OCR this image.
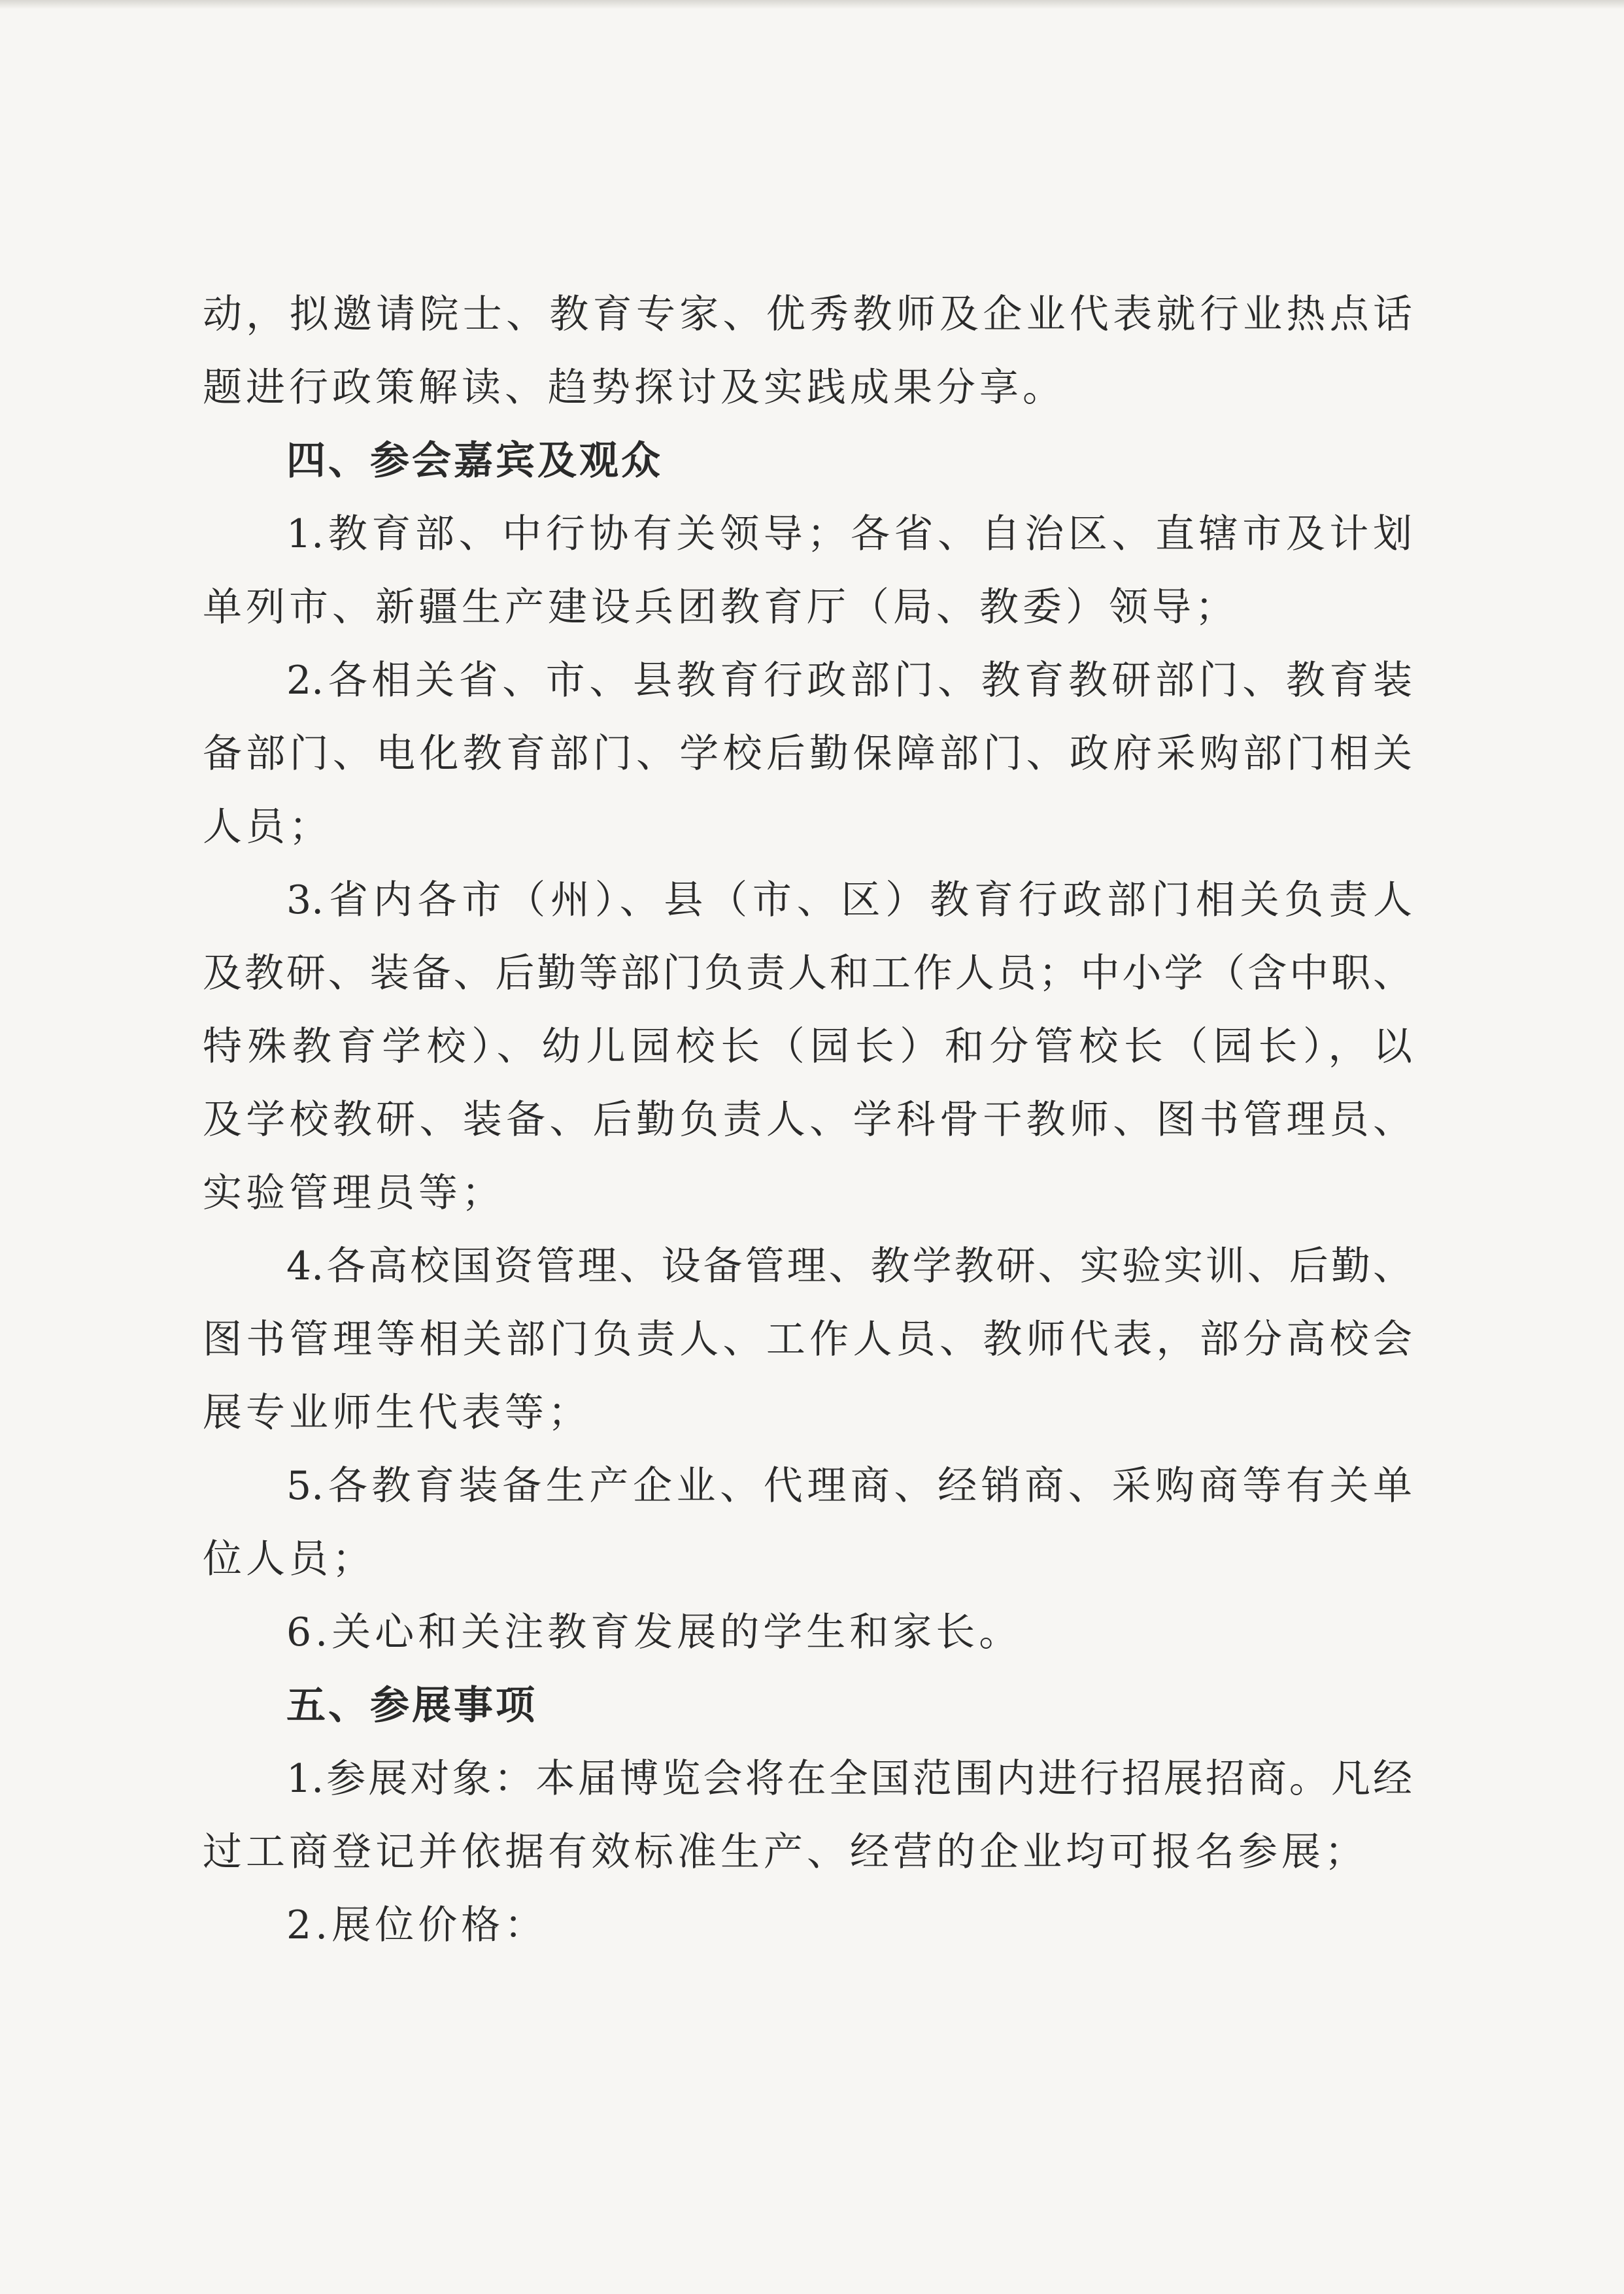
动，拟邀请院士、教育专家、优秀教师及企业代表就行业热点话
题进行政策解读、趋势探讨及实践成果分享。
四、参会嘉宾及观众
1.教育部、中行协有关领导；各省、自治区、直辖市及计划
单列市、新疆生产建设兵团教育厅（局、教委）领导；
2.各相关省、市、县教育行政部门、教育教研部门、教育装
备部门、电化教育部门、学校后勤保障部门、政府采购部门相关
人员；
3.省内各市（州）、县（市、区）教育行政部门相关负责人
及教研、装备、后勤等部门负责人和工作人员；中小学（含中职、
特殊教育学校）、幼儿园校长（园长）和分管校长（园长），以
及学校教研、装备、后勤负责人、学科骨干教师、图书管理员、
实验管理员等；
4.各高校国资管理、设备管理、教学教研、实验实训、后勤、
图书管理等相关部门负责人、工作人员、教师代表，部分高校会
展专业师生代表等；
5.各教育装备生产企业、代理商、经销商、采购商等有关单
位人员；
6.关心和关注教育发展的学生和家长。
五、参展事项
1.参展对象：本届博览会将在全国范围内进行招展招商。凡经
过工商登记并依据有效标准生产、经营的企业均可报名参展；
2.展位价格：
